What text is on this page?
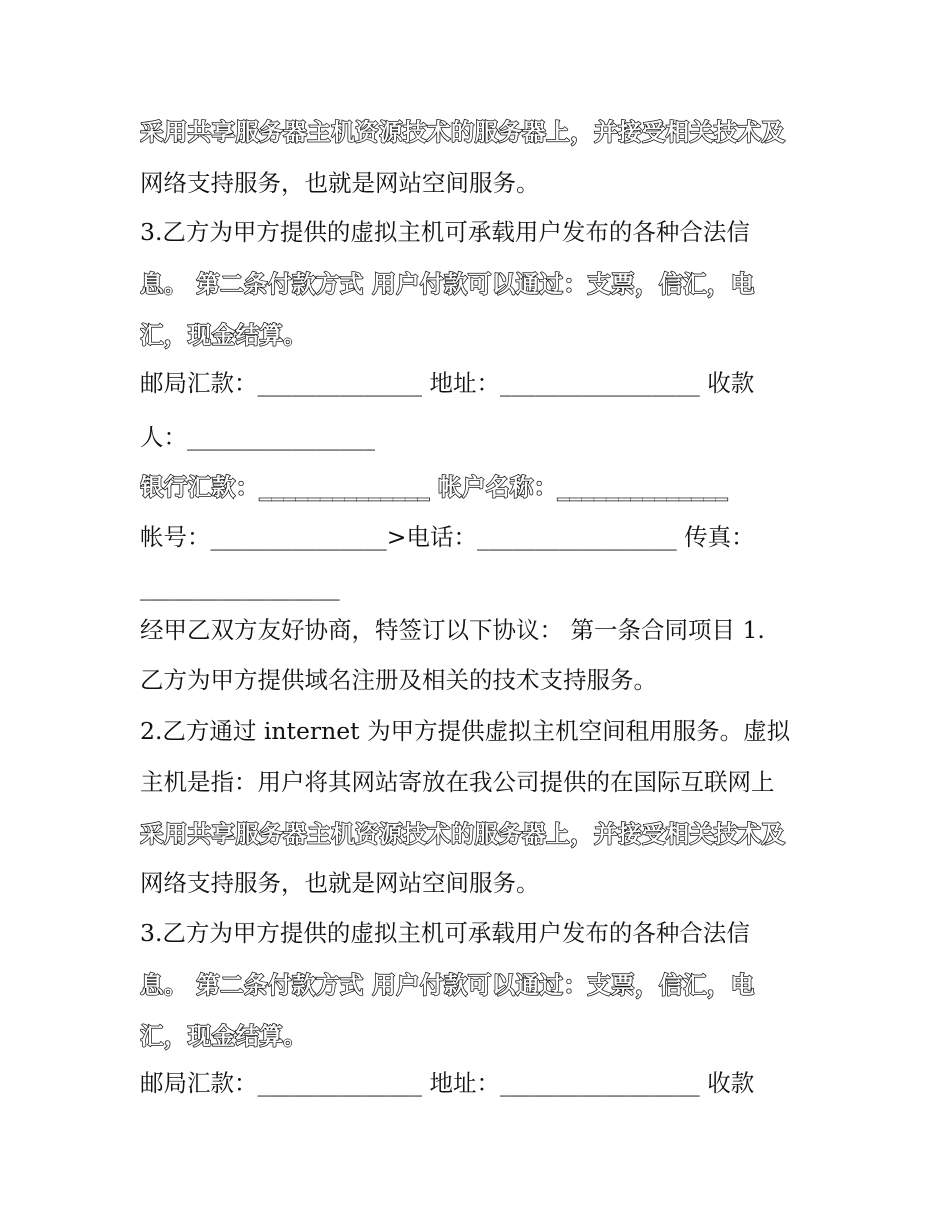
采用共享服务器主机资源技术的服务器上，并接受相关技术及
网络支持服务，也就是网站空间服务。
3.乙方为甲方提供的虚拟主机可承载用户发布的各种合法信
息。 第二条付款方式 用户付款可以通过：支票，信汇，电
汇，现金结算。
邮局汇款：______________ 地址：_________________ 收款
人：________________
银行汇款：______________ 帐户名称：______________
帐号：_______________>电话：_________________ 传真：
_________________
经甲乙双方友好协商，特签订以下协议： 第一条合同项目 1.
乙方为甲方提供域名注册及相关的技术支持服务。
2.乙方通过 internet 为甲方提供虚拟主机空间租用服务。虚拟
主机是指：用户将其网站寄放在我公司提供的在国际互联网上
采用共享服务器主机资源技术的服务器上，并接受相关技术及
网络支持服务，也就是网站空间服务。
3.乙方为甲方提供的虚拟主机可承载用户发布的各种合法信
息。 第二条付款方式 用户付款可以通过：支票，信汇，电
汇，现金结算。
邮局汇款：______________ 地址：_________________ 收款
